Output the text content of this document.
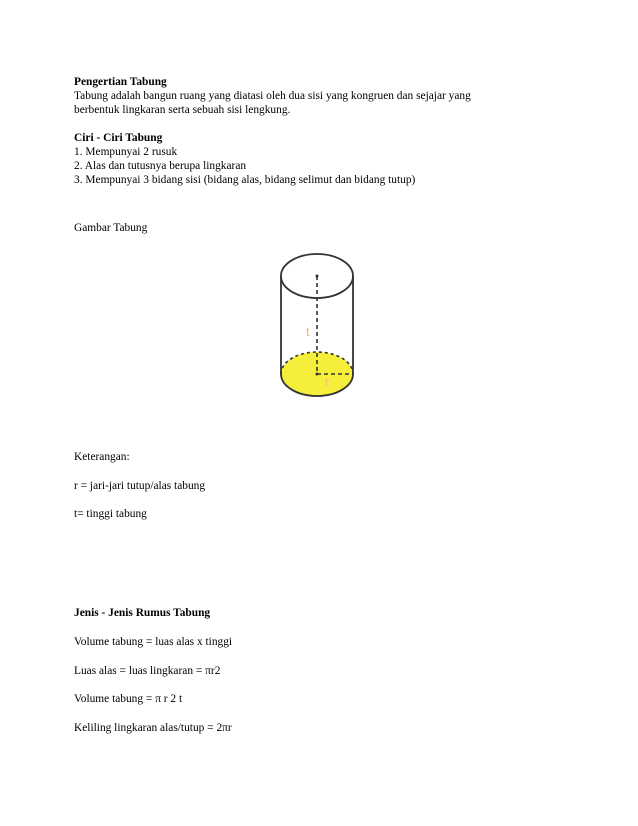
Pengertian Tabung
Tabung adalah bangun ruang yang diatasi oleh dua sisi yang kongruen dan sejajar yang
berbentuk lingkaran serta sebuah sisi lengkung.
Ciri - Ciri Tabung
1. Mempunyai 2 rusuk
2. Alas dan tutusnya berupa lingkaran
3. Mempunyai 3 bidang sisi (bidang alas, bidang selimut dan bidang tutup)
Gambar Tabung
t
r
Keterangan:
r = jari-jari tutup/alas tabung
t= tinggi tabung
Jenis - Jenis Rumus Tabung
Volume tabung = luas alas x tinggi
Luas alas = luas lingkaran = πr2
Volume tabung = π r 2 t
Keliling lingkaran alas/tutup = 2πr
